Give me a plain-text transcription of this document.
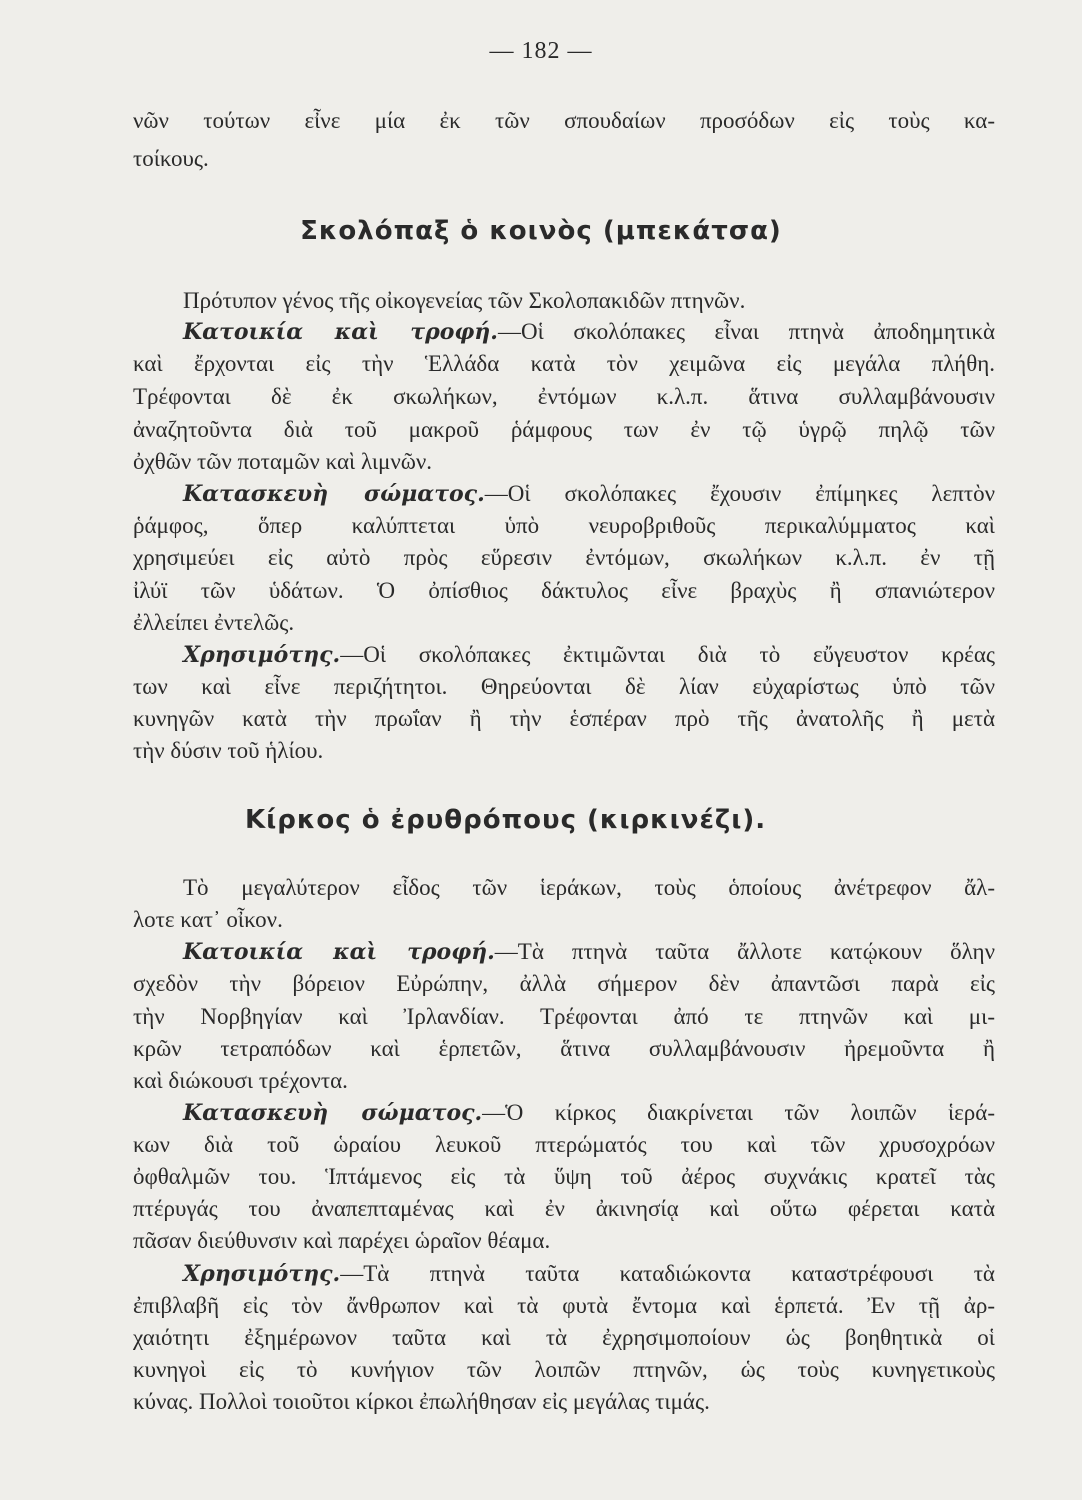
— 182 —
νῶν τούτων εἶνε μία ἐκ τῶν σπουδαίων προσόδων εἰς τοὺς κα-
τοίκους.
Σκολόπαξ ὁ κοινὸς (μπεκάτσα)
Πρότυπον γένος τῆς οἰκογενείας τῶν Σκολοπακιδῶν πτηνῶν.
Κατοικία καὶ τροφή.—Οἱ σκολόπακες εἶναι πτηνὰ ἀποδημητικὰ
καὶ ἔρχονται εἰς τὴν Ἑλλάδα κατὰ τὸν χειμῶνα εἰς μεγάλα πλήθη.
Τρέφονται δὲ ἐκ σκωλήκων, ἐντόμων κ.λ.π. ἅτινα συλλαμβάνουσιν
ἀναζητοῦντα διὰ τοῦ μακροῦ ῥάμφους των ἐν τῷ ὑγρῷ πηλῷ τῶν
ὀχθῶν τῶν ποταμῶν καὶ λιμνῶν.
Κατασκευὴ σώματος.—Οἱ σκολόπακες ἔχουσιν ἐπίμηκες λεπτὸν
ῥάμφος, ὅπερ καλύπτεται ὑπὸ νευροβριθοῦς περικαλύμματος καὶ
χρησιμεύει εἰς αὐτὸ πρὸς εὕρεσιν ἐντόμων, σκωλήκων κ.λ.π. ἐν τῇ
ἰλύϊ τῶν ὑδάτων. Ὁ ὀπίσθιος δάκτυλος εἶνε βραχὺς ἢ σπανιώτερον
ἐλλείπει ἐντελῶς.
Χρησιμότης.—Οἱ σκολόπακες ἐκτιμῶνται διὰ τὸ εὔγευστον κρέας
των καὶ εἶνε περιζήτητοι. Θηρεύονται δὲ λίαν εὐχαρίστως ὑπὸ τῶν
κυνηγῶν κατὰ τὴν πρωΐαν ἢ τὴν ἑσπέραν πρὸ τῆς ἀνατολῆς ἢ μετὰ
τὴν δύσιν τοῦ ἡλίου.
Κίρκος ὁ ἐρυθρόπους (κιρκινέζι).
Τὸ μεγαλύτερον εἶδος τῶν ἱεράκων, τοὺς ὁποίους ἀνέτρεφον ἄλ-
λοτε κατ᾽ οἶκον.
Κατοικία καὶ τροφή.—Τὰ πτηνὰ ταῦτα ἄλλοτε κατῴκουν ὅλην
σχεδὸν τὴν βόρειον Εὐρώπην, ἀλλὰ σήμερον δὲν ἀπαντῶσι παρὰ εἰς
τὴν Νορβηγίαν καὶ Ἰρλανδίαν. Τρέφονται ἀπό τε πτηνῶν καὶ μι-
κρῶν τετραπόδων καὶ ἑρπετῶν, ἅτινα συλλαμβάνουσιν ἠρεμοῦντα ἢ
καὶ διώκουσι τρέχοντα.
Κατασκευὴ σώματος.—Ὁ κίρκος διακρίνεται τῶν λοιπῶν ἱερά-
κων διὰ τοῦ ὡραίου λευκοῦ πτερώματός του καὶ τῶν χρυσοχρόων
ὀφθαλμῶν του. Ἱπτάμενος εἰς τὰ ὕψη τοῦ ἀέρος συχνάκις κρατεῖ τὰς
πτέρυγάς του ἀναπεπταμένας καὶ ἐν ἀκινησίᾳ καὶ οὕτω φέρεται κατὰ
πᾶσαν διεύθυνσιν καὶ παρέχει ὡραῖον θέαμα.
Χρησιμότης.—Τὰ πτηνὰ ταῦτα καταδιώκοντα καταστρέφουσι τὰ
ἐπιβλαβῆ εἰς τὸν ἄνθρωπον καὶ τὰ φυτὰ ἔντομα καὶ ἑρπετά. Ἐν τῇ ἀρ-
χαιότητι ἐξημέρωνον ταῦτα καὶ τὰ ἐχρησιμοποίουν ὡς βοηθητικὰ οἱ
κυνηγοὶ εἰς τὸ κυνήγιον τῶν λοιπῶν πτηνῶν, ὡς τοὺς κυνηγετικοὺς
κύνας. Πολλοὶ τοιοῦτοι κίρκοι ἐπωλήθησαν εἰς μεγάλας τιμάς.
